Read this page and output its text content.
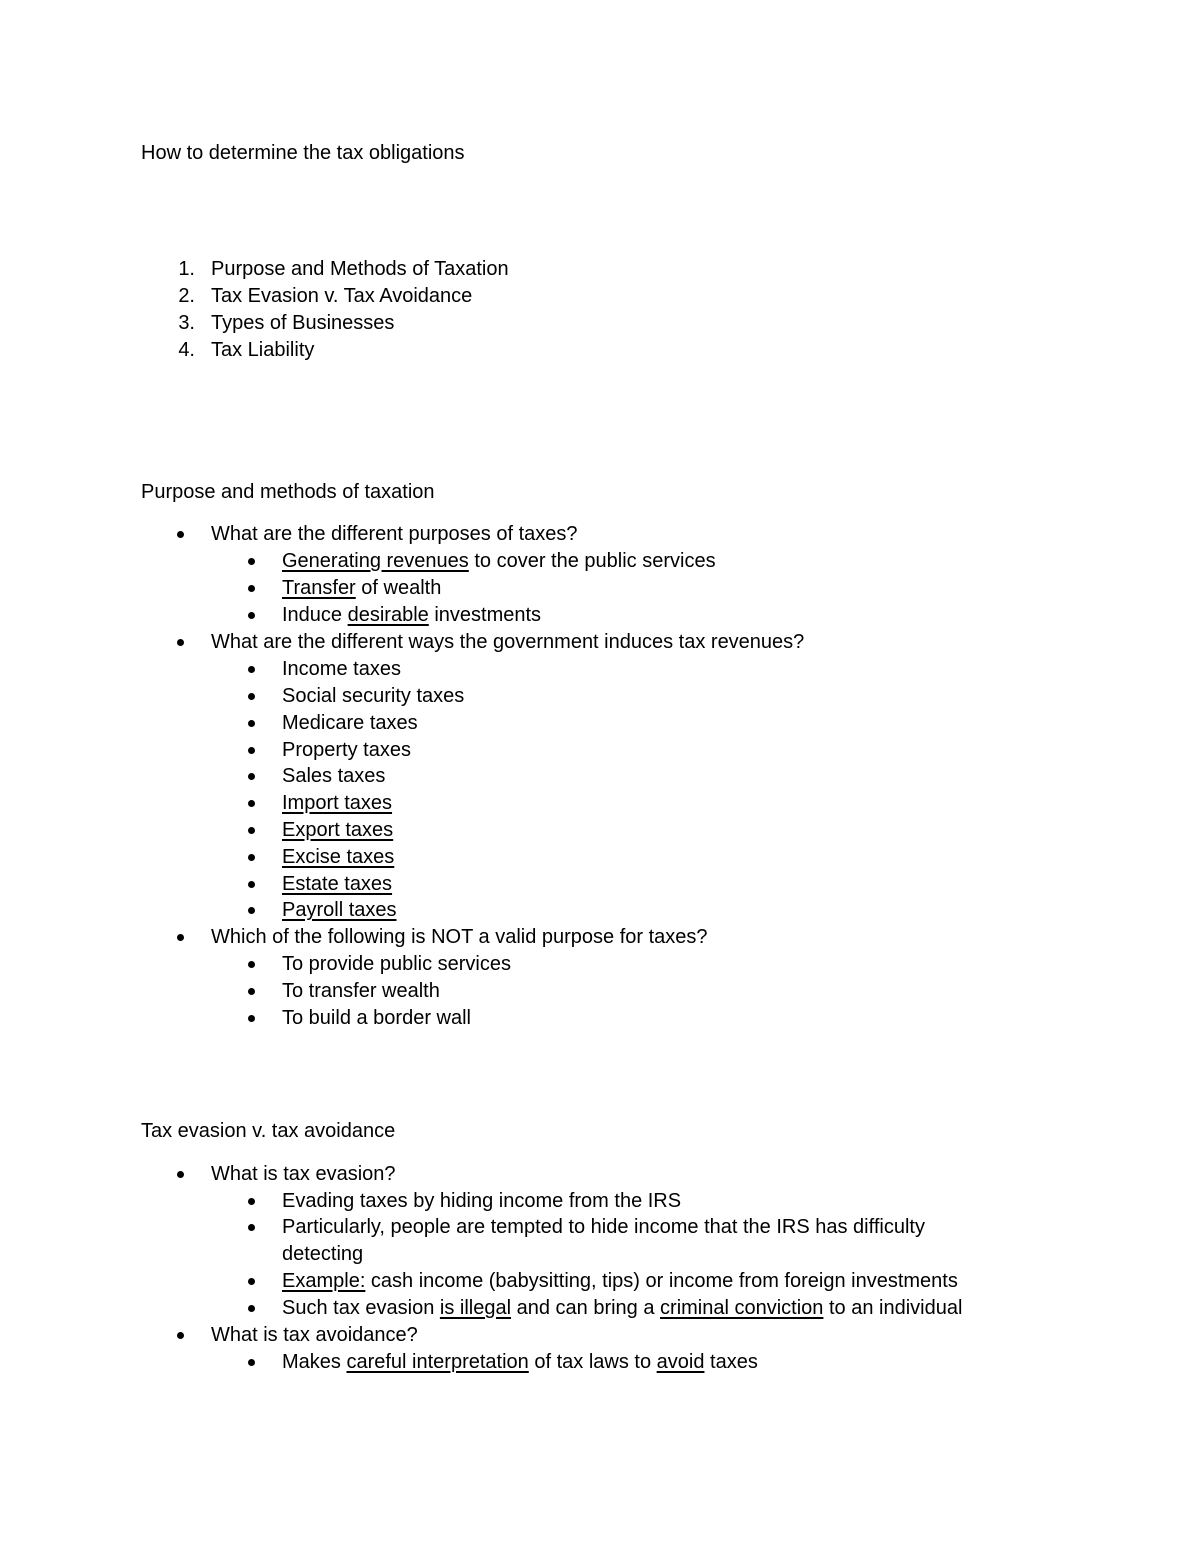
How to determine the tax obligations
1. Purpose and Methods of Taxation
2. Tax Evasion v. Tax Avoidance
3. Types of Businesses
4. Tax Liability
Purpose and methods of taxation
What are the different purposes of taxes?
Generating revenues to cover the public services
Transfer of wealth
Induce desirable investments
What are the different ways the government induces tax revenues?
Income taxes
Social security taxes
Medicare taxes
Property taxes
Sales taxes
Import taxes
Export taxes
Excise taxes
Estate taxes
Payroll taxes
Which of the following is NOT a valid purpose for taxes?
To provide public services
To transfer wealth
To build a border wall
Tax evasion v. tax avoidance
What is tax evasion?
Evading taxes by hiding income from the IRS
Particularly, people are tempted to hide income that the IRS has difficulty
detecting
Example: cash income (babysitting, tips) or income from foreign investments
Such tax evasion is illegal and can bring a criminal conviction to an individual
What is tax avoidance?
Makes careful interpretation of tax laws to avoid taxes
